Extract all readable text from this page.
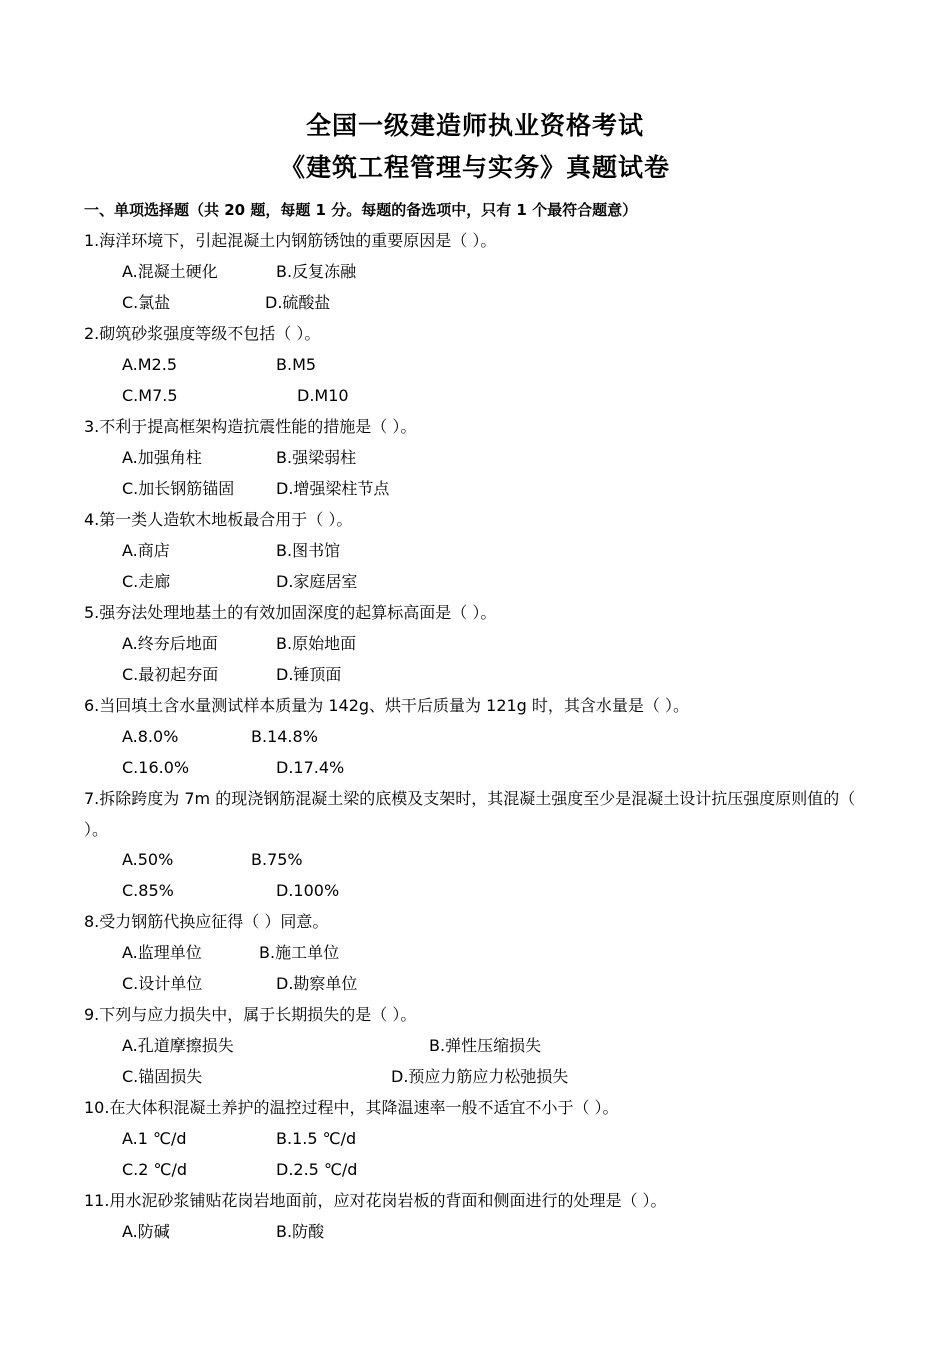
全国一级建造师执业资格考试
《建筑工程管理与实务》真题试卷
一、单项选择题（共 20 题，每题 1 分。每题的备选项中，只有 1 个最符合题意）
1.海洋环境下，引起混凝土内钢筋锈蚀的重要原因是（ ）。
A.混凝土硬化	B.反复冻融
C.氯盐	D.硫酸盐
2.砌筑砂浆强度等级不包括（ ）。
A.M2.5	B.M5
C.M7.5	D.M10
3.不利于提高框架构造抗震性能的措施是（ ）。
A.加强角柱	B.强梁弱柱
C.加长钢筋锚固	D.增强梁柱节点
4.第一类人造软木地板最合用于（ ）。
A.商店	B.图书馆
C.走廊	D.家庭居室
5.强夯法处理地基土的有效加固深度的起算标高面是（ ）。
A.终夯后地面	B.原始地面
C.最初起夯面	D.锤顶面
6.当回填土含水量测试样本质量为 142g、烘干后质量为 121g 时，其含水量是（ ）。
A.8.0%	B.14.8%
C.16.0%	D.17.4%
7.拆除跨度为 7m 的现浇钢筋混凝土梁的底模及支架时，其混凝土强度至少是混凝土设计抗压强度原则值的（ ）。
A.50%	B.75%
C.85%	D.100%
8.受力钢筋代换应征得（ ）同意。
A.监理单位	B.施工单位
C.设计单位	D.勘察单位
9.下列与应力损失中，属于长期损失的是（ ）。
A.孔道摩擦损失	B.弹性压缩损失
C.锚固损失	D.预应力筋应力松弛损失
10.在大体积混凝土养护的温控过程中，其降温速率一般不适宜不小于（ ）。
A.1 ℃/d	B.1.5 ℃/d
C.2 ℃/d	D.2.5 ℃/d
11.用水泥砂浆铺贴花岗岩地面前，应对花岗岩板的背面和侧面进行的处理是（ ）。
A.防碱	B.防酸
